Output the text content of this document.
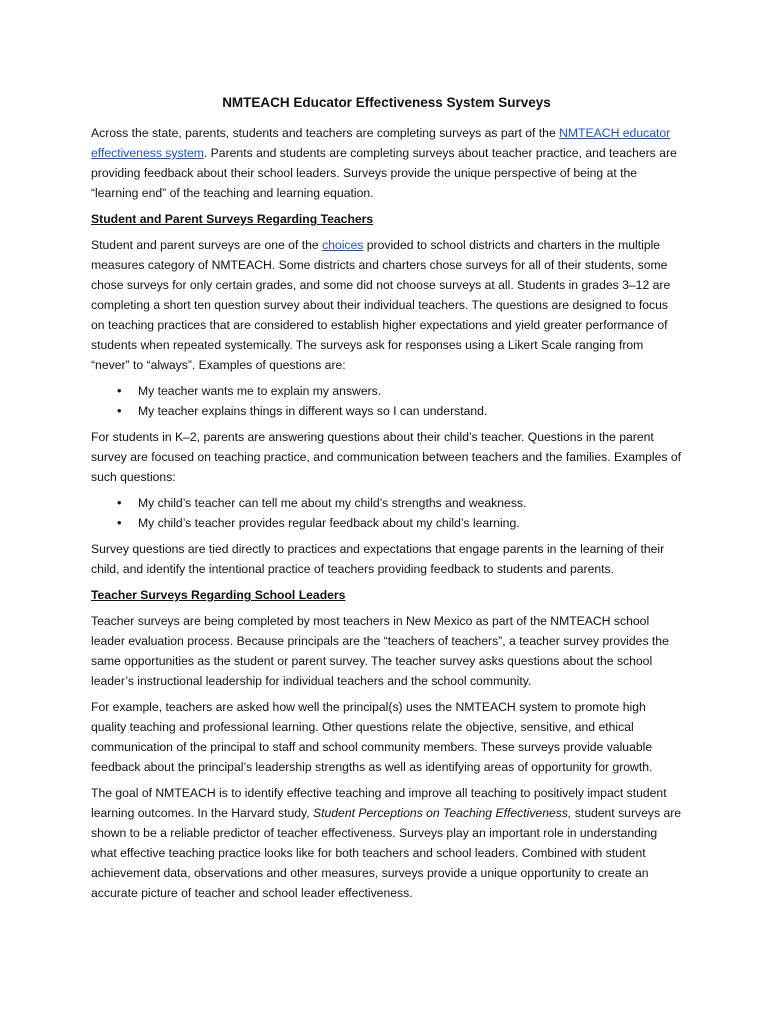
NMTEACH Educator Effectiveness System Surveys

Across the state, parents, students and teachers are completing surveys as part of the NMTEACH educator effectiveness system. Parents and students are completing surveys about teacher practice, and teachers are providing feedback about their school leaders. Surveys provide the unique perspective of being at the “learning end” of the teaching and learning equation.

Student and Parent Surveys Regarding Teachers

Student and parent surveys are one of the choices provided to school districts and charters in the multiple measures category of NMTEACH. Some districts and charters chose surveys for all of their students, some chose surveys for only certain grades, and some did not choose surveys at all. Students in grades 3–12 are completing a short ten question survey about their individual teachers. The questions are designed to focus on teaching practices that are considered to establish higher expectations and yield greater performance of students when repeated systemically. The surveys ask for responses using a Likert Scale ranging from “never” to “always”. Examples of questions are:

• My teacher wants me to explain my answers.
• My teacher explains things in different ways so I can understand.

For students in K–2, parents are answering questions about their child’s teacher. Questions in the parent survey are focused on teaching practice, and communication between teachers and the families. Examples of such questions:

• My child’s teacher can tell me about my child’s strengths and weakness.
• My child’s teacher provides regular feedback about my child’s learning.

Survey questions are tied directly to practices and expectations that engage parents in the learning of their child, and identify the intentional practice of teachers providing feedback to students and parents.

Teacher Surveys Regarding School Leaders

Teacher surveys are being completed by most teachers in New Mexico as part of the NMTEACH school leader evaluation process. Because principals are the “teachers of teachers”, a teacher survey provides the same opportunities as the student or parent survey. The teacher survey asks questions about the school leader’s instructional leadership for individual teachers and the school community.

For example, teachers are asked how well the principal(s) uses the NMTEACH system to promote high quality teaching and professional learning. Other questions relate the objective, sensitive, and ethical communication of the principal to staff and school community members. These surveys provide valuable feedback about the principal’s leadership strengths as well as identifying areas of opportunity for growth.

The goal of NMTEACH is to identify effective teaching and improve all teaching to positively impact student learning outcomes. In the Harvard study, Student Perceptions on Teaching Effectiveness, student surveys are shown to be a reliable predictor of teacher effectiveness. Surveys play an important role in understanding what effective teaching practice looks like for both teachers and school leaders. Combined with student achievement data, observations and other measures, surveys provide a unique opportunity to create an accurate picture of teacher and school leader effectiveness.
